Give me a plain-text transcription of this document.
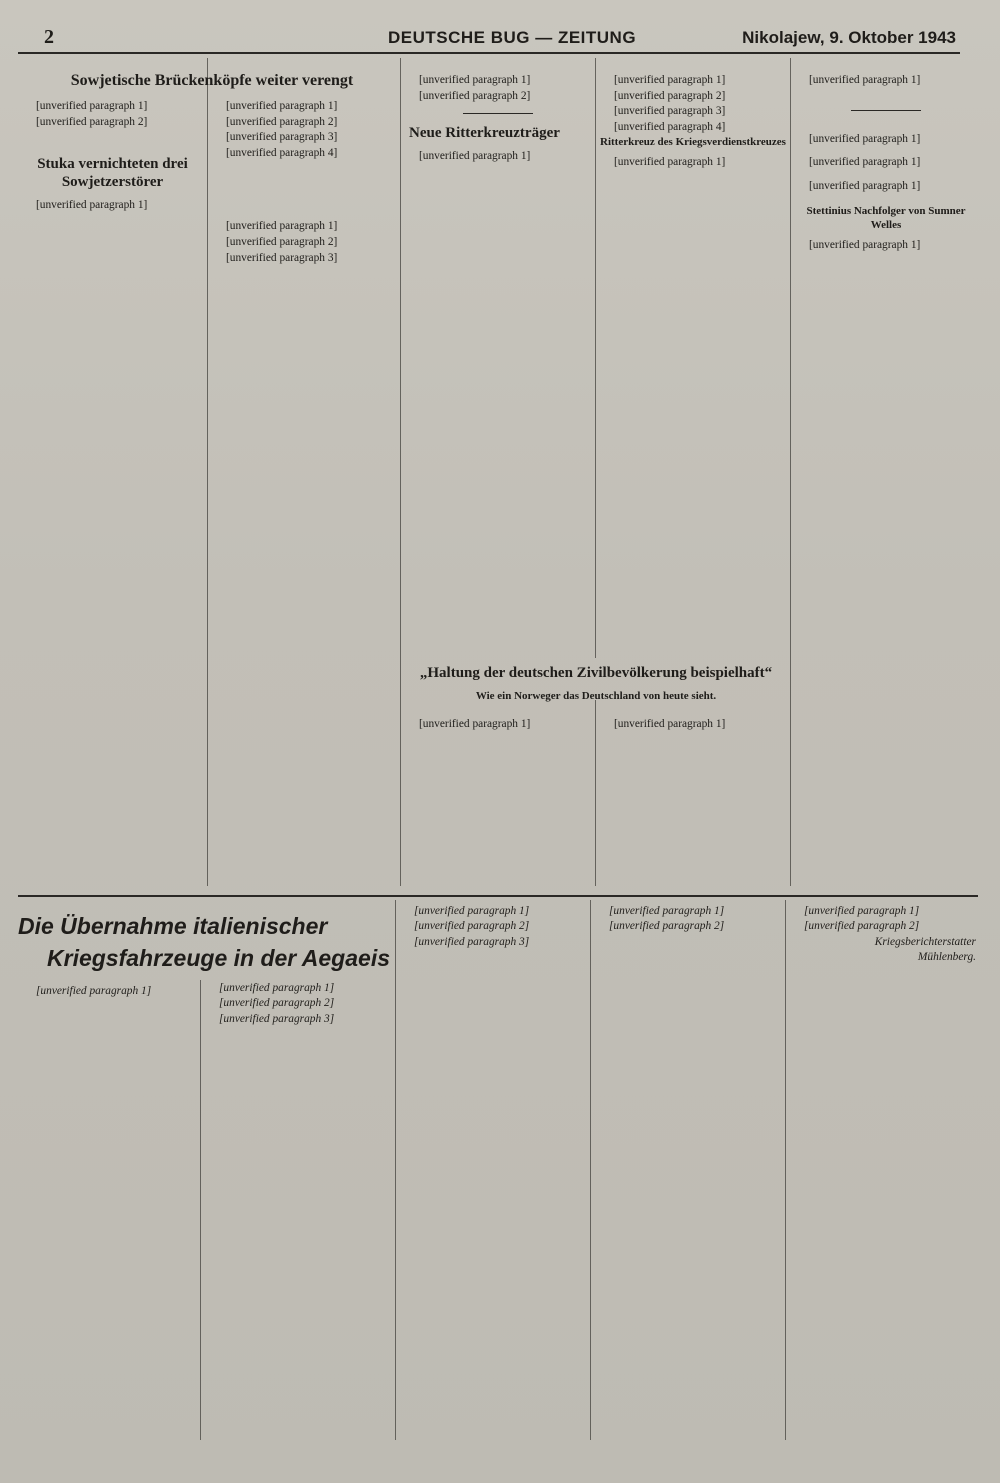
2	DEUTSCHE BUG — ZEITUNG	Nikolajew, 9. Oktober 1943

Sowjetische Brückenköpfe weiter verengt

[unverified paragraph 1]

[unverified paragraph 2]

Stuka vernichteten drei Sowjetzerstörer

[unverified paragraph 1]

[unverified paragraph 1]

[unverified paragraph 2]

[unverified paragraph 3]

[unverified paragraph 4]

[unverified paragraph 1]

[unverified paragraph 2]

[unverified paragraph 3]

[unverified paragraph 1]

[unverified paragraph 2]

Neue Ritterkreuzträger

[unverified paragraph 1]

[unverified paragraph 1]

[unverified paragraph 2]

[unverified paragraph 3]

[unverified paragraph 4]

Ritterkreuz des Kriegsverdienstkreuzes

[unverified paragraph 1]

„Haltung der deutschen Zivilbevölkerung beispielhaft“

Wie ein Norweger das Deutschland von heute sieht.

[unverified paragraph 1]	[unverified paragraph 1]

[unverified paragraph 1]

[unverified paragraph 1]

[unverified paragraph 1]

[unverified paragraph 1]

Stettinius Nachfolger von Sumner Welles

[unverified paragraph 1]

Die Übernahme italienischer
Kriegsfahrzeuge in der Aegaeis

[unverified paragraph 1]	[unverified paragraph 1]

[unverified paragraph 2]

[unverified paragraph 3]

[unverified paragraph 1]

[unverified paragraph 2]

[unverified paragraph 3]

[unverified paragraph 1]

[unverified paragraph 2]

[unverified paragraph 1]

[unverified paragraph 2]

Kriegsberichterstatter

Mühlenberg.
